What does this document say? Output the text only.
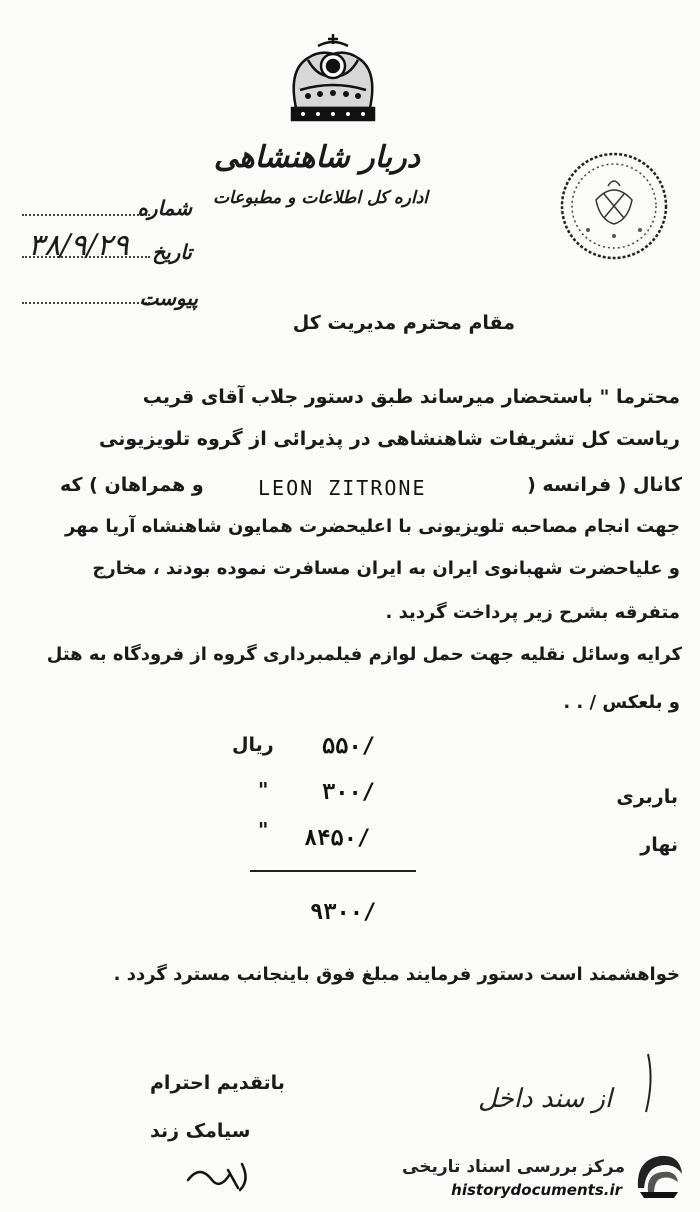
دربار شاهنشاهی
اداره کل اطلاعات و مطبوعات
شماره
۳۸/۹/۲۹	تاریخ
پیوست
مقام محترم مدیریت کل
محترما " باستحضار میرساند طبق دستور جلاب آقای قریب
ریاست کل تشریفات شاهنشاهی در پذیرائی از گروه تلویزیونی
کانال ( فرانسه (
LEON ZITRONE
و همراهان ) که
جهت انجام مصاحبه تلویزیونی با اعلیحضرت همایون شاهنشاه آریا مهر
و علیاحضرت شهبانوی ایران به ایران مسافرت نموده بودند ، مخارج
متفرقه بشرح زیر پرداخت گردید .
کرایه وسائل نقلیه جهت حمل لوازم فیلمبرداری گروه از فرودگاه به هتل
و بلعکس / . .
ریال ۵۵۰/
باربری
" ۳۰۰/
نهار
" ۸۴۵۰/
۹۳۰۰/
خواهشمند است دستور فرمایند مبلغ فوق باینجانب مسترد گردد .
باتقدیم احترام
سیامک زند
از سند داخل
مرکز بررسی اسناد تاریخی
historydocuments.ir
